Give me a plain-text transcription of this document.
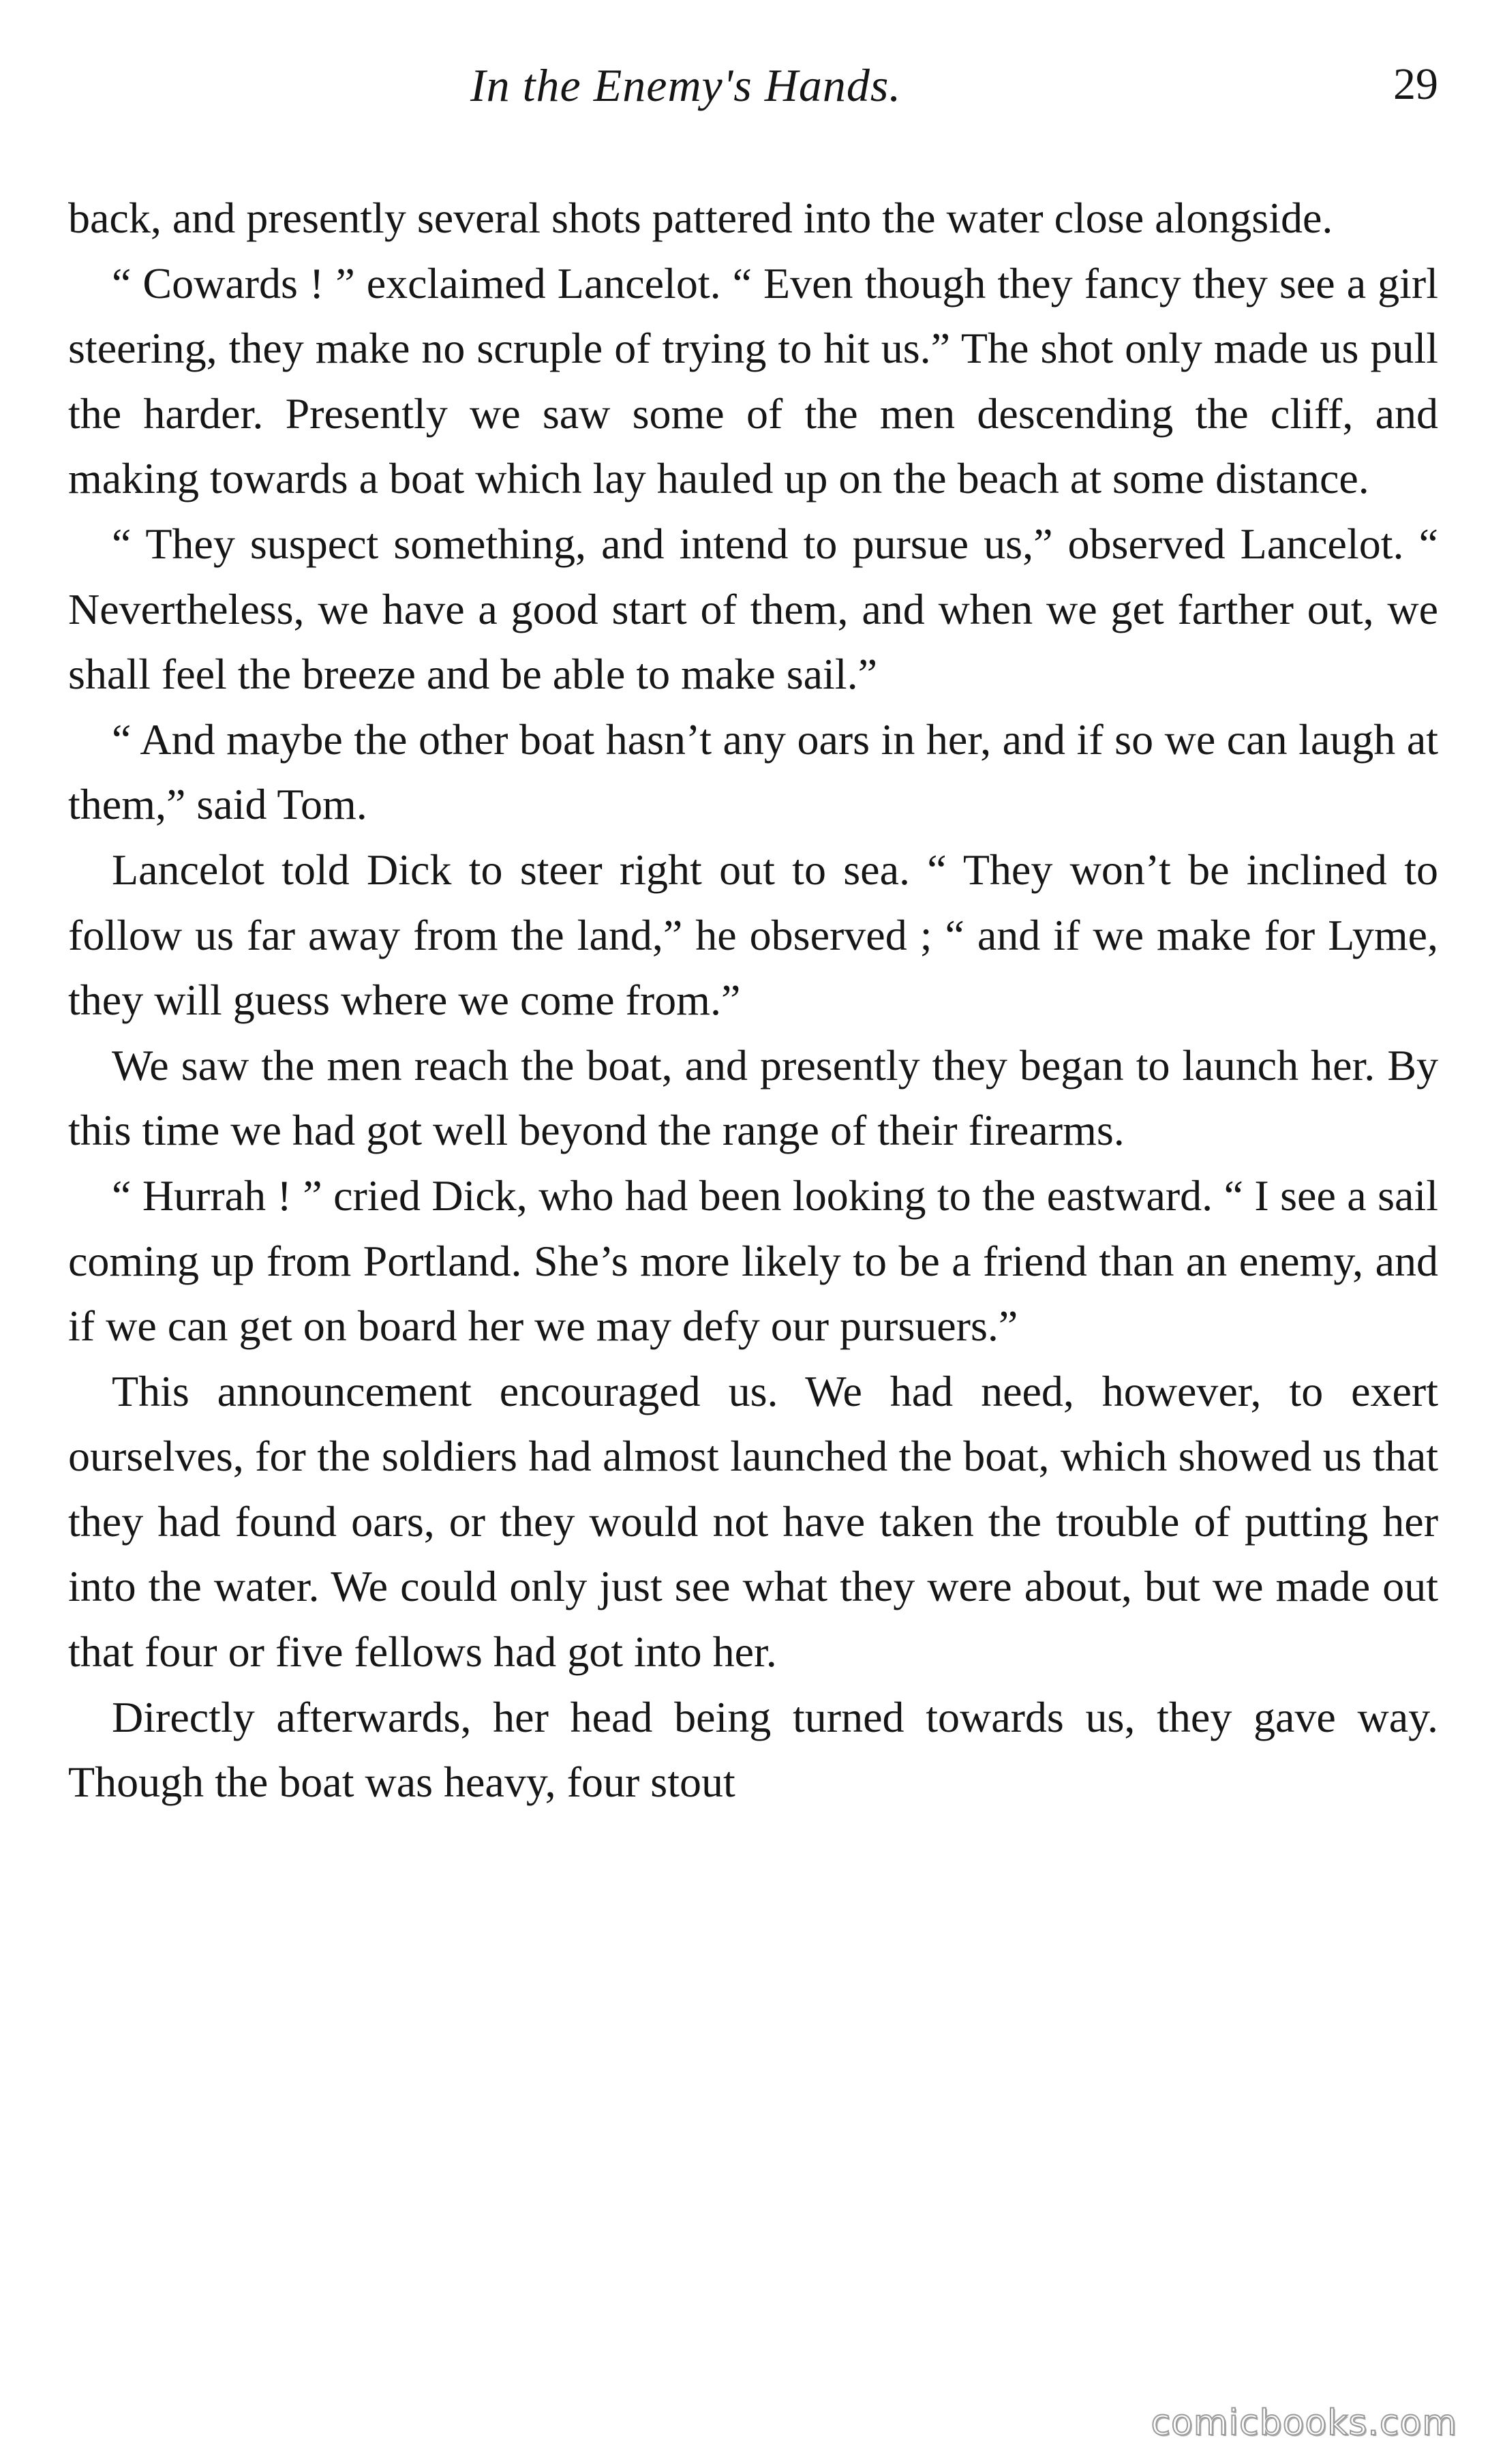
In the Enemy's Hands.	29

back, and presently several shots pattered into the water close alongside.

“ Cowards ! ” exclaimed Lancelot. “ Even though they fancy they see a girl steering, they make no scruple of trying to hit us.” The shot only made us pull the harder. Presently we saw some of the men descending the cliff, and making towards a boat which lay hauled up on the beach at some distance.

“ They suspect something, and intend to pursue us,” observed Lancelot. “ Nevertheless, we have a good start of them, and when we get farther out, we shall feel the breeze and be able to make sail.”

“ And maybe the other boat hasn’t any oars in her, and if so we can laugh at them,” said Tom.

Lancelot told Dick to steer right out to sea. “ They won’t be inclined to follow us far away from the land,” he observed ; “ and if we make for Lyme, they will guess where we come from.”

We saw the men reach the boat, and presently they began to launch her. By this time we had got well beyond the range of their firearms.

“ Hurrah ! ” cried Dick, who had been looking to the eastward. “ I see a sail coming up from Portland. She’s more likely to be a friend than an enemy, and if we can get on board her we may defy our pursuers.”

This announcement encouraged us. We had need, however, to exert ourselves, for the soldiers had almost launched the boat, which showed us that they had found oars, or they would not have taken the trouble of putting her into the water. We could only just see what they were about, but we made out that four or five fellows had got into her.

Directly afterwards, her head being turned towards us, they gave way. Though the boat was heavy, four stout

comicbooks.com
